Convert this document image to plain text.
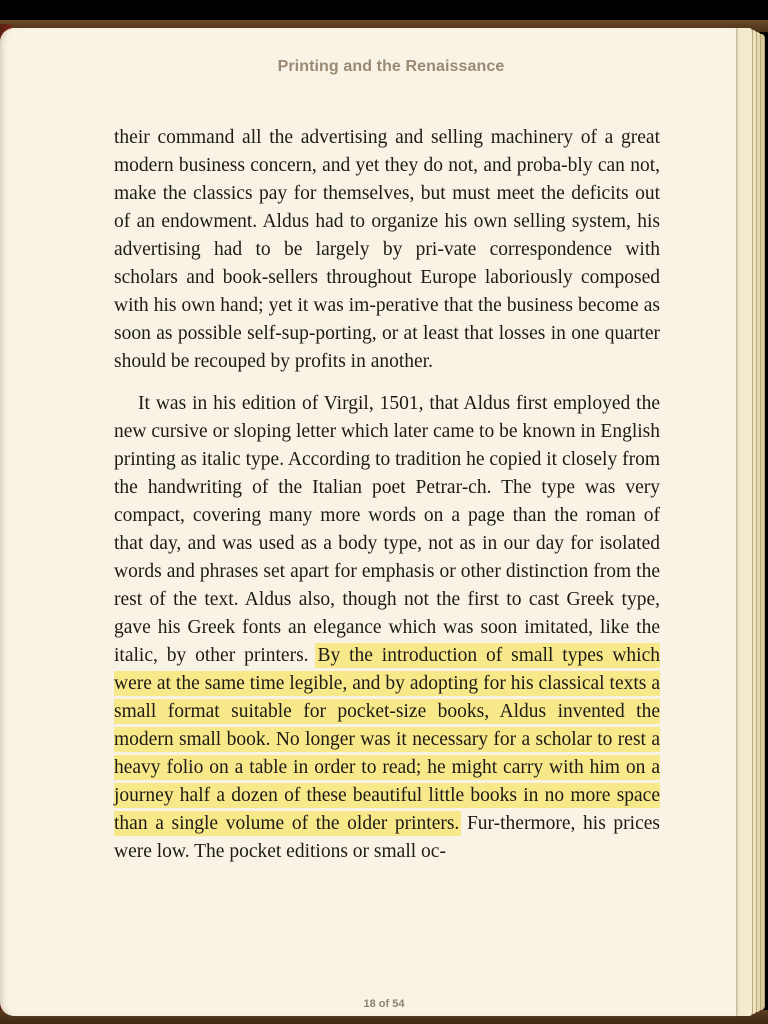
Printing and the Renaissance

their command all the advertising and selling machinery of a great modern business concern, and yet they do not, and proba-bly can not, make the classics pay for themselves, but must meet the deficits out of an endowment. Aldus had to organize his own selling system, his advertising had to be largely by pri-vate correspondence with scholars and book-sellers throughout Europe laboriously composed with his own hand; yet it was im-perative that the business become as soon as possible self-sup-porting, or at least that losses in one quarter should be recouped by profits in another.

It was in his edition of Virgil, 1501, that Aldus first employed the new cursive or sloping letter which later came to be known in English printing as italic type. According to tradition he copied it closely from the handwriting of the Italian poet Petrar-ch. The type was very compact, covering many more words on a page than the roman of that day, and was used as a body type, not as in our day for isolated words and phrases set apart for emphasis or other distinction from the rest of the text. Aldus also, though not the first to cast Greek type, gave his Greek fonts an elegance which was soon imitated, like the italic, by other printers. By the introduction of small types which were at the same time legible, and by adopting for his classical texts a small format suitable for pocket-size books, Aldus invented the modern small book. No longer was it necessary for a scholar to rest a heavy folio on a table in order to read; he might carry with him on a journey half a dozen of these beautiful little books in no more space than a single volume of the older printers. Fur-thermore, his prices were low. The pocket editions or small oc-

18 of 54
